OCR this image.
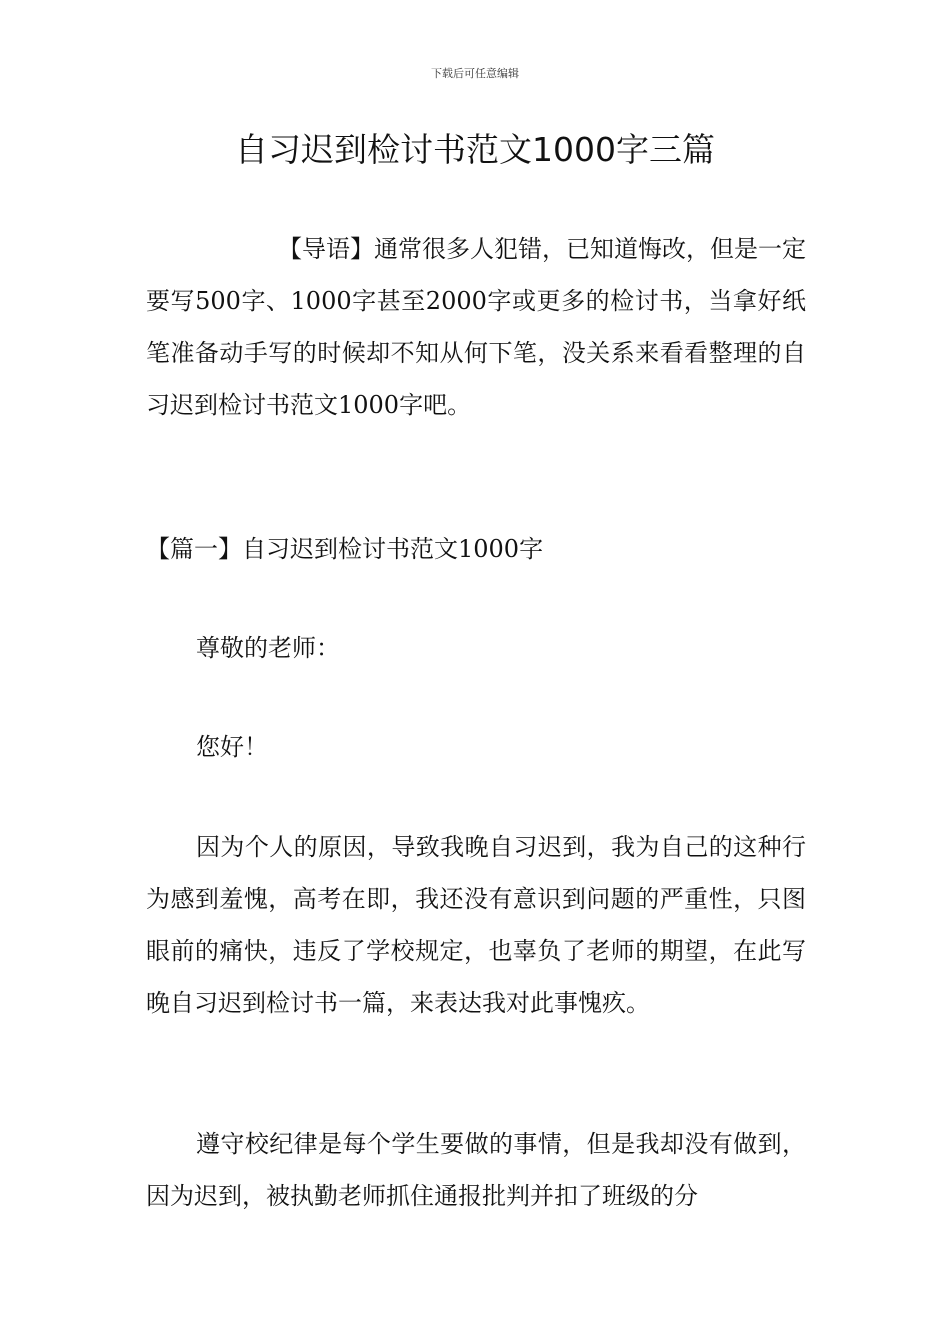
下载后可任意编辑
自习迟到检讨书范文1000字三篇

【导语】通常很多人犯错，已知道悔改，但是一定要写500字、1000字甚至2000字或更多的检讨书，当拿好纸笔准备动手写的时候却不知从何下笔，没关系来看看整理的自习迟到检讨书范文1000字吧。

【篇一】自习迟到检讨书范文1000字

尊敬的老师：

您好！

因为个人的原因，导致我晚自习迟到，我为自己的这种行为感到羞愧，高考在即，我还没有意识到问题的严重性，只图眼前的痛快，违反了学校规定，也辜负了老师的期望，在此写晚自习迟到检讨书一篇，来表达我对此事愧疚。

遵守校纪律是每个学生要做的事情，但是我却没有做到，因为迟到，被执勤老师抓住通报批判并扣了班级的分
